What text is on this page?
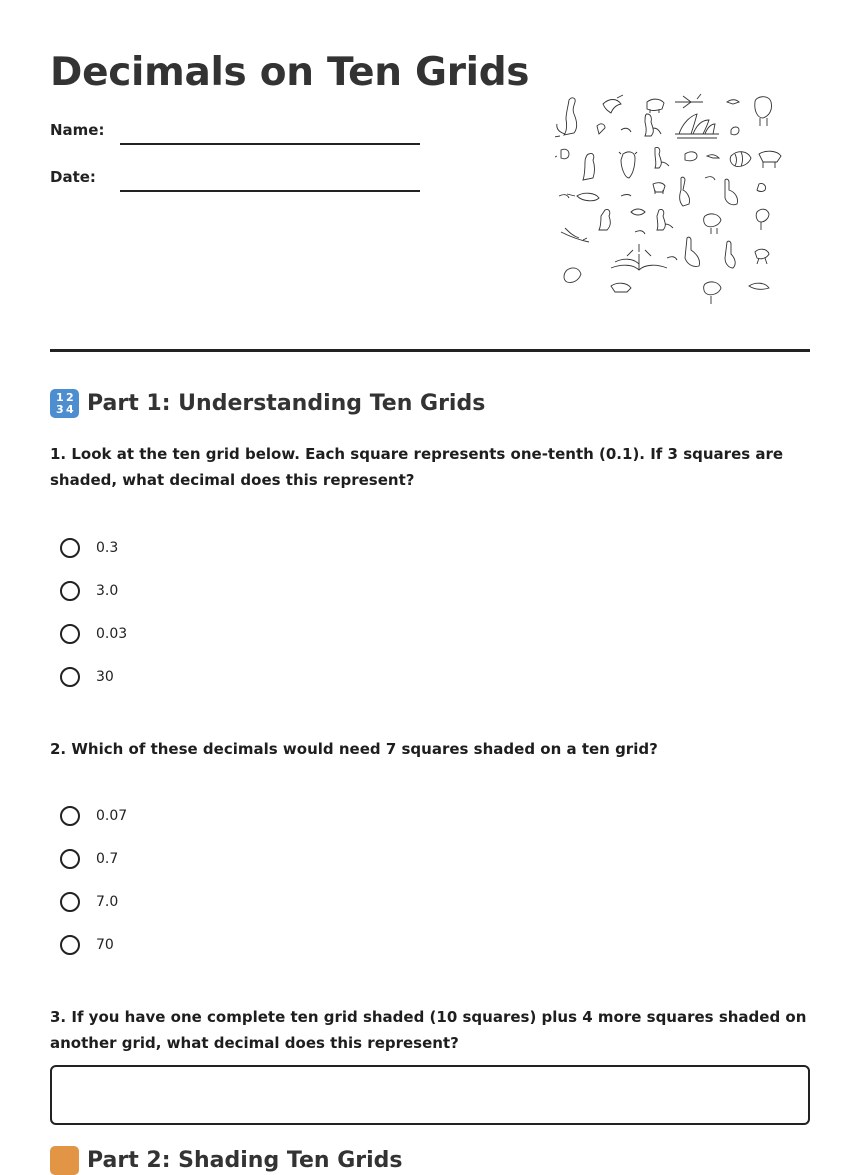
Decimals on Ten Grids
Name:
Date:
1 2
3 4 Part 1: Understanding Ten Grids

1. Look at the ten grid below. Each square represents one-tenth (0.1). If 3 squares are shaded, what decimal does this represent?

0.3
3.0
0.03
30

2. Which of these decimals would need 7 squares shaded on a ten grid?

0.07
0.7
7.0
70

3. If you have one complete ten grid shaded (10 squares) plus 4 more squares shaded on another grid, what decimal does this represent?

Part 2: Shading Ten Grids
